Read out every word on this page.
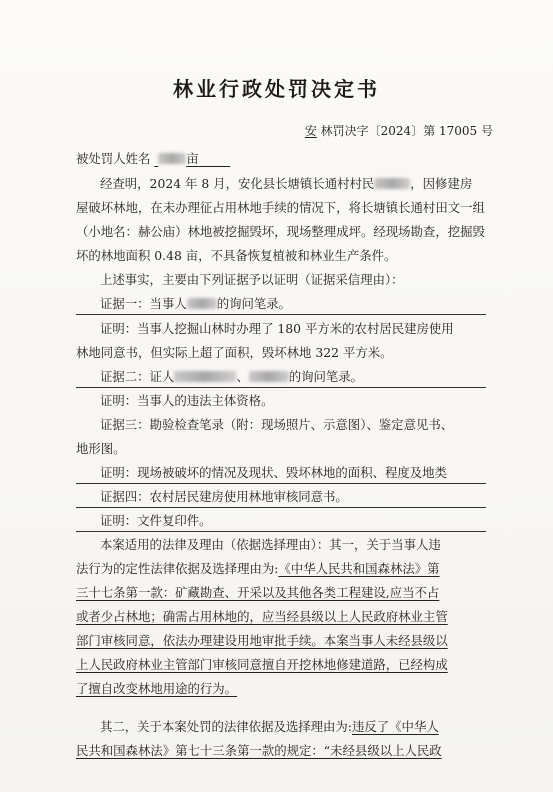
林业行政处罚决定书
安 林罚决字〔2024〕第 17005 号
被处罚人姓名	亩
经查明，2024 年 8 月，安化县长塘镇长通村村民	，因修建房
屋破坏林地，在未办理征占用林地手续的情况下，将长塘镇长通村田文一组
（小地名：赫公庙）林地被挖掘毁坏，现场整理成坪。经现场勘查，挖掘毁
坏的林地面积 0.48 亩，不具备恢复植被和林业生产条件。
上述事实，主要由下列证据予以证明（证据采信理由）：
证据一：当事人 的询问笔录。
证明：当事人挖掘山林时办理了 180 平方米的农村居民建房使用
林地同意书，但实际上超了面积，毁坏林地 322 平方米。
证据二：证人	、	的询问笔录。
证明：当事人的违法主体资格。
证据三：勘验检查笔录（附：现场照片、示意图）、鉴定意见书、
地形图。
证明：现场被破坏的情况及现状、毁坏林地的面积、程度及地类
证据四：农村居民建房使用林地审核同意书。
证明：文件复印件。
本案适用的法律及理由（依据选择理由）：其一，关于当事人违
法行为的定性法律依据及选择理由为:《中华人民共和国森林法》第
三十七条第一款：矿藏勘查、开采以及其他各类工程建设,应当不占
或者少占林地；确需占用林地的，应当经县级以上人民政府林业主管
部门审核同意，依法办理建设用地审批手续。本案当事人未经县级以
上人民政府林业主管部门审核同意擅自开挖林地修建道路，已经构成
了擅自改变林地用途的行为。
其二，关于本案处罚的法律依据及选择理由为:违反了《中华人
民共和国森林法》第七十三条第一款的规定：“未经县级以上人民政
